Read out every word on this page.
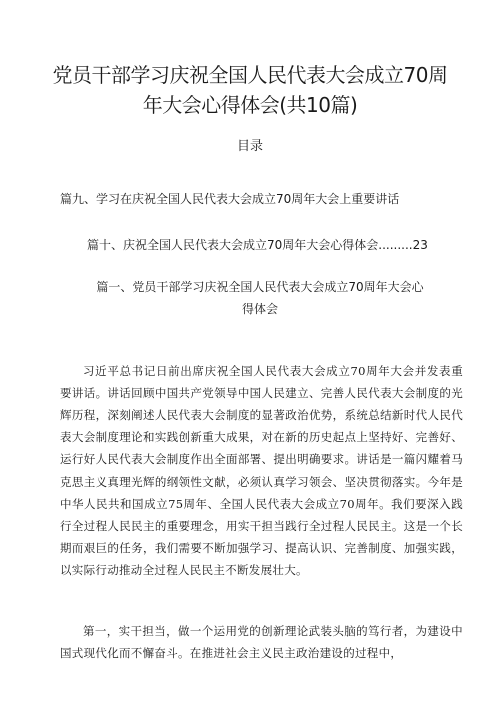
党员干部学习庆祝全国人民代表大会成立70周
年大会心得体会(共10篇)
目录
篇九、学习在庆祝全国人民代表大会成立70周年大会上重要讲话
篇十、庆祝全国人民代表大会成立70周年大会心得体会.........23
篇一、党员干部学习庆祝全国人民代表大会成立70周年大会心
得体会

习近平总书记日前出席庆祝全国人民代表大会成立70周年大会并发表重要讲话。讲话回顾中国共产党领导中国人民建立、完善人民代表大会制度的光辉历程，深刻阐述人民代表大会制度的显著政治优势，系统总结新时代人民代表大会制度理论和实践创新重大成果，对在新的历史起点上坚持好、完善好、运行好人民代表大会制度作出全面部署、提出明确要求。讲话是一篇闪耀着马克思主义真理光辉的纲领性文献，必须认真学习领会、坚决贯彻落实。今年是中华人民共和国成立75周年、全国人民代表大会成立70周年。我们要深入践行全过程人民民主的重要理念，用实干担当践行全过程人民民主。这是一个长期而艰巨的任务，我们需要不断加强学习、提高认识、完善制度、加强实践，以实际行动推动全过程人民民主不断发展壮大。

第一，实干担当，做一个运用党的创新理论武装头脑的笃行者，为建设中国式现代化而不懈奋斗。在推进社会主义民主政治建设的过程中，
